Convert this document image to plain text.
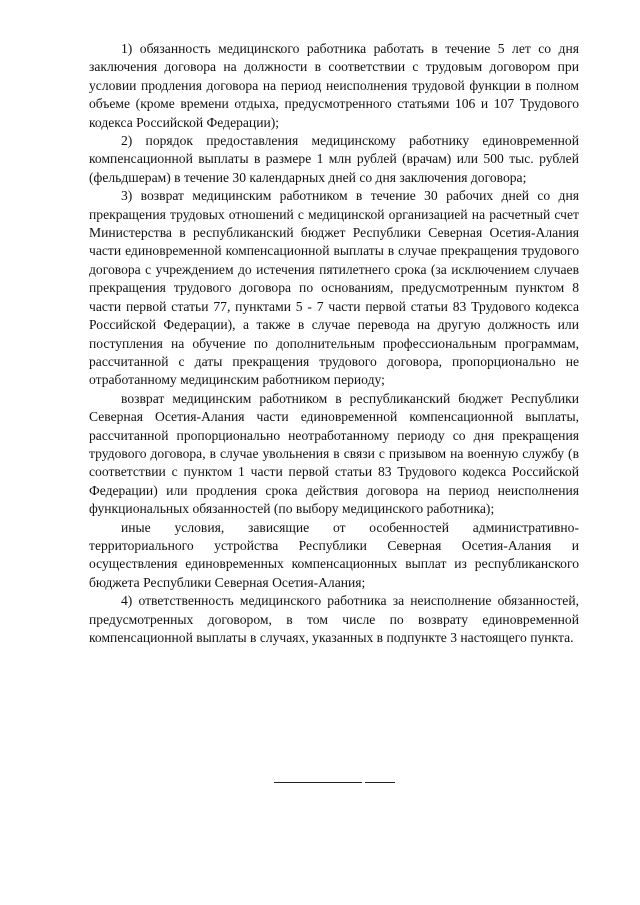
1) обязанность медицинского работника работать в течение 5 лет со дня заключения договора на должности в соответствии с трудовым договором при условии продления договора на период неисполнения трудовой функции в полном объеме (кроме времени отдыха, предусмотренного статьями 106 и 107 Трудового кодекса Российской Федерации);

2) порядок предоставления медицинскому работнику единовременной компенсационной выплаты в размере 1 млн рублей (врачам) или 500 тыс. рублей (фельдшерам) в течение 30 календарных дней со дня заключения договора;

3) возврат медицинским работником в течение 30 рабочих дней со дня прекращения трудовых отношений с медицинской организацией на расчетный счет Министерства в республиканский бюджет Республики Северная Осетия-Алания части единовременной компенсационной выплаты в случае прекращения трудового договора с учреждением до истечения пятилетнего срока (за исключением случаев прекращения трудового договора по основаниям, предусмотренным пунктом 8 части первой статьи 77, пунктами 5 - 7 части первой статьи 83 Трудового кодекса Российской Федерации), а также в случае перевода на другую должность или поступления на обучение по дополнительным профессиональным программам, рассчитанной с даты прекращения трудового договора, пропорционально не отработанному медицинским работником периоду;

возврат медицинским работником в республиканский бюджет Республики Северная Осетия-Алания части единовременной компенсационной выплаты, рассчитанной пропорционально неотработанному периоду со дня прекращения трудового договора, в случае увольнения в связи с призывом на военную службу (в соответствии с пунктом 1 части первой статьи 83 Трудового кодекса Российской Федерации) или продления срока действия договора на период неисполнения функциональных обязанностей (по выбору медицинского работника);

иные условия, зависящие от особенностей административно-территориального устройства Республики Северная Осетия-Алания и осуществления единовременных компенсационных выплат из республиканского бюджета Республики Северная Осетия-Алания;

4) ответственность медицинского работника за неисполнение обязанностей, предусмотренных договором, в том числе по возврату единовременной компенсационной выплаты в случаях, указанных в подпункте 3 настоящего пункта.
